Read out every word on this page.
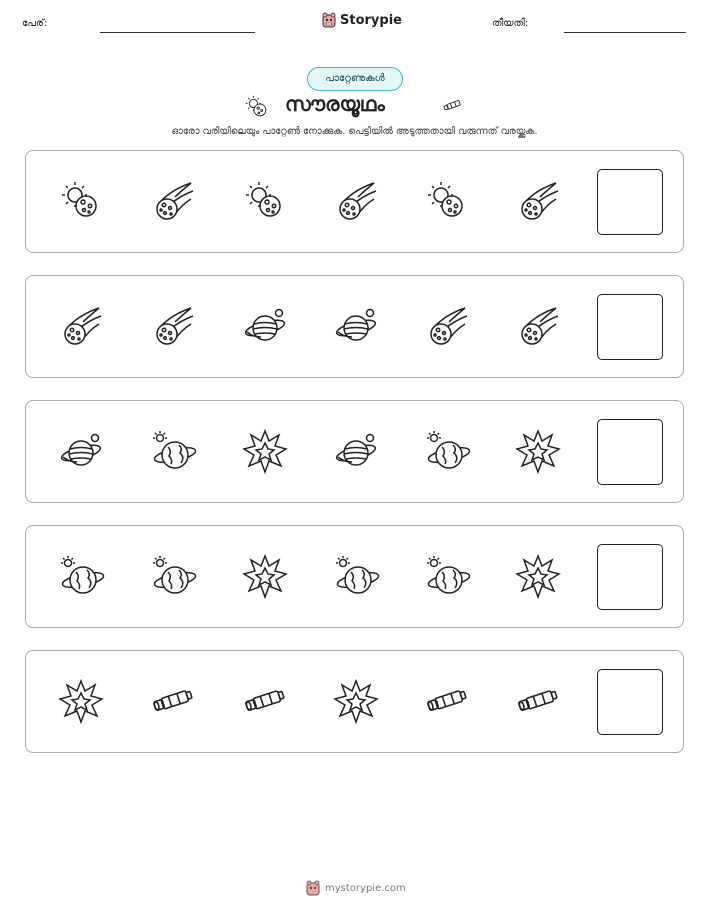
പേര്:	Storypie	തീയതി:
പാറ്റേണുകൾ
സൗരയൂഥം
ഓരോ വരിയിലെയും പാറ്റേൺ നോക്കുക. പെട്ടിയിൽ അടുത്തതായി വരുന്നത് വരയ്ക്കുക.
mystorypie.com
